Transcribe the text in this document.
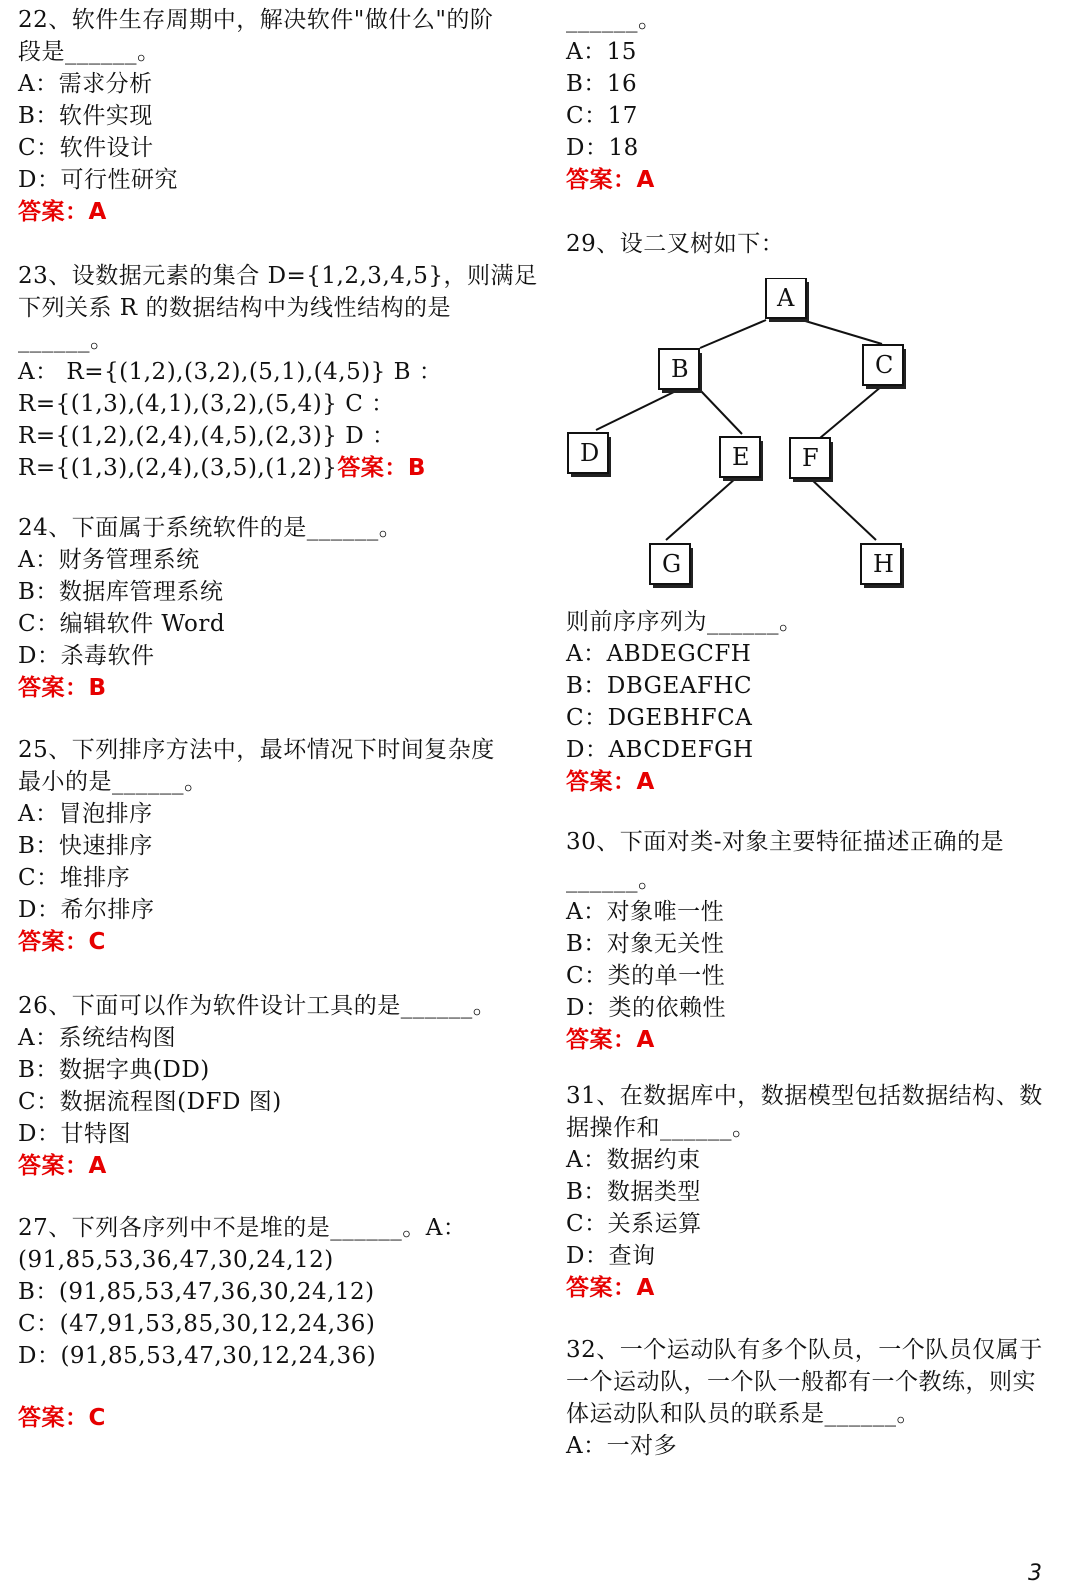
22、软件生存周期中，解决软件"做什么"的阶
段是______。
A：需求分析
B：软件实现
C：软件设计
D：可行性研究
答案：A
23、设数据元素的集合 D={1,2,3,4,5}，则满足
下列关系 R 的数据结构中为线性结构的是
______。
A： R={(1,2),(3,2),(5,1),(4,5)} B ：
R={(1,3),(4,1),(3,2),(5,4)} C ：
R={(1,2),(2,4),(4,5),(2,3)} D ：
R={(1,3),(2,4),(3,5),(1,2)}答案：B
24、下面属于系统软件的是______。
A：财务管理系统
B：数据库管理系统
C：编辑软件 Word
D：杀毒软件
答案：B
25、下列排序方法中，最坏情况下时间复杂度
最小的是______。
A：冒泡排序
B：快速排序
C：堆排序
D：希尔排序
答案：C
26、下面可以作为软件设计工具的是______。
A：系统结构图
B：数据字典(DD)
C：数据流程图(DFD 图)
D：甘特图
答案：A
27、下列各序列中不是堆的是______。A：
(91,85,53,36,47,30,24,12)
B：(91,85,53,47,36,30,24,12)
C：(47,91,53,85,30,12,24,36)
D：(91,85,53,47,30,12,24,36)
答案：C
______。
A：15
B：16
C：17
D：18
答案：A
29、设二叉树如下：
A
B	C
D	E F
G	H
则前序序列为______。
A：ABDEGCFH
B：DBGEAFHC
C：DGEBHFCA
D：ABCDEFGH
答案：A
30、下面对类-对象主要特征描述正确的是
______。
A：对象唯一性
B：对象无关性
C：类的单一性
D：类的依赖性
答案：A
31、在数据库中，数据模型包括数据结构、数
据操作和______。
A：数据约束
B：数据类型
C：关系运算
D：查询
答案：A
32、一个运动队有多个队员，一个队员仅属于
一个运动队，一个队一般都有一个教练，则实
体运动队和队员的联系是______。
A：一对多
3
